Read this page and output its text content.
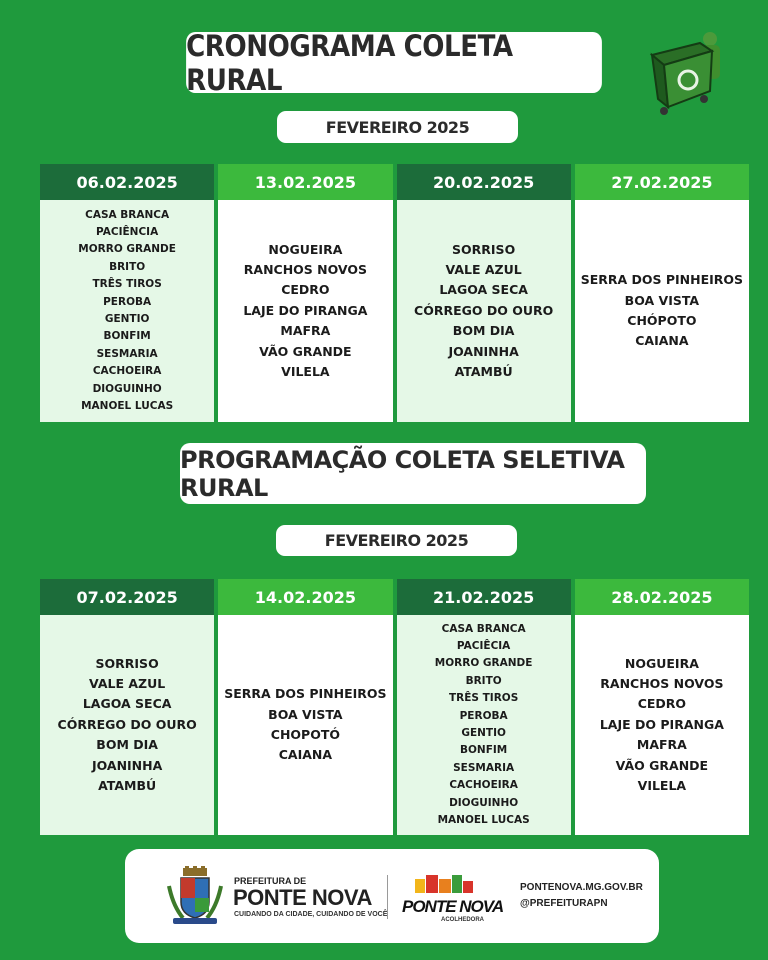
CRONOGRAMA COLETA RURAL
FEVEREIRO 2025
06.02.2025
CASA BRANCA
PACIÊNCIA
MORRO GRANDE
BRITO
TRÊS TIROS
PEROBA
GENTIO
BONFIM
SESMARIA
CACHOEIRA
DIOGUINHO
MANOEL LUCAS
13.02.2025
NOGUEIRA
RANCHOS NOVOS
CEDRO
LAJE DO PIRANGA
MAFRA
VÃO GRANDE
VILELA
20.02.2025
SORRISO
VALE AZUL
LAGOA SECA
CÓRREGO DO OURO
BOM DIA
JOANINHA
ATAMBÚ
27.02.2025
SERRA DOS PINHEIROS
BOA VISTA
CHÓPOTO
CAIANA
PROGRAMAÇÃO COLETA SELETIVA RURAL
FEVEREIRO 2025
07.02.2025
SORRISO
VALE AZUL
LAGOA SECA
CÓRREGO DO OURO
BOM DIA
JOANINHA
ATAMBÚ
14.02.2025
SERRA DOS PINHEIROS
BOA VISTA
CHOPOTÓ
CAIANA
21.02.2025
CASA BRANCA
PACIÊCIA
MORRO GRANDE
BRITO
TRÊS TIROS
PEROBA
GENTIO
BONFIM
SESMARIA
CACHOEIRA
DIOGUINHO
MANOEL LUCAS
28.02.2025
NOGUEIRA
RANCHOS NOVOS
CEDRO
LAJE DO PIRANGA
MAFRA
VÃO GRANDE
VILELA
PREFEITURA DE
PONTE NOVA
CUIDANDO DA CIDADE, CUIDANDO DE VOCÊ PONTE NOVA
ACOLHEDORA
PONTENOVA.MG.GOV.BR
@PREFEITURAPN
